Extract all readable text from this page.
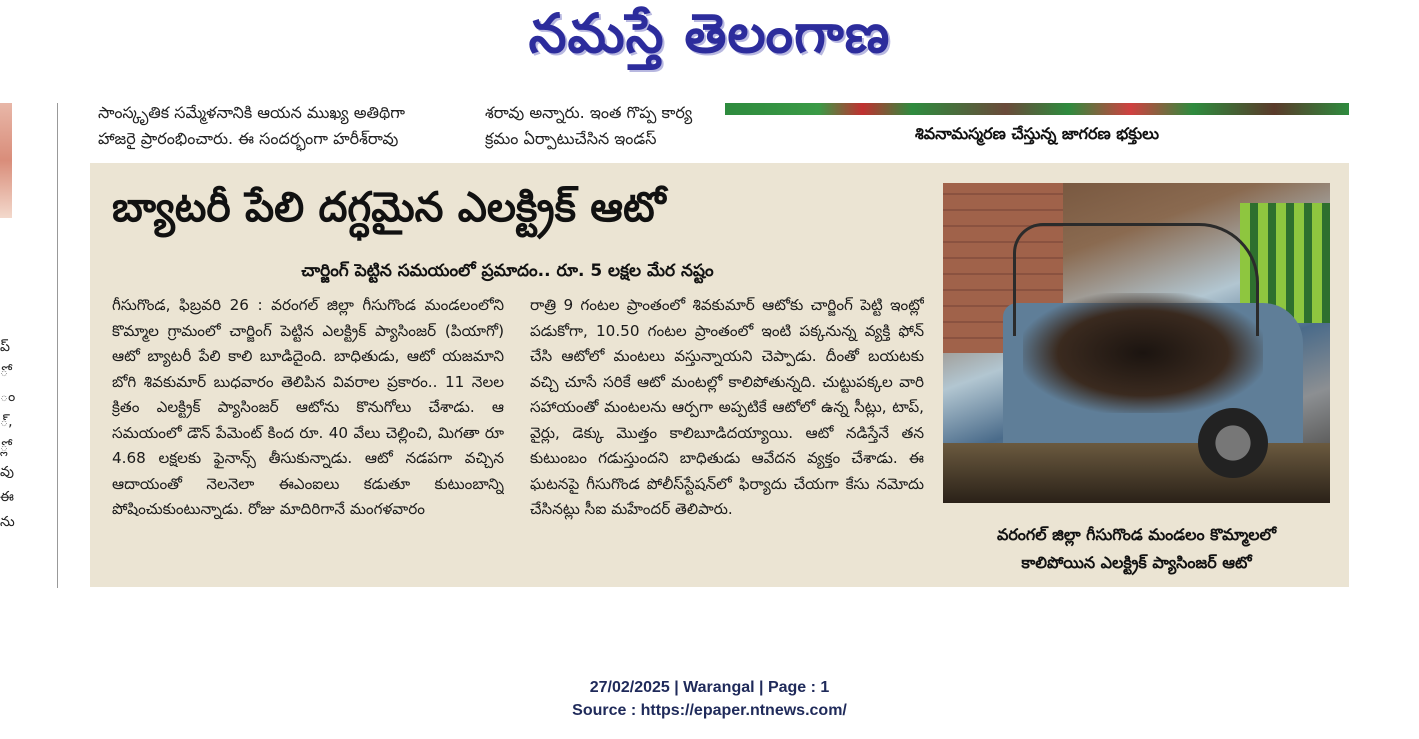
నమస్తే తెలంగాణ
ప్
ో
ం
్,
్లో
వు
ఈ
ను
సాంస్కృతిక సమ్మేళనానికి ఆయన ముఖ్య అతిథిగా
హాజరై ప్రారంభించారు. ఈ సందర్భంగా హరీశ్‌రావు
శరావు అన్నారు. ఇంత గొప్ప కార్య
క్రమం ఏర్పాటుచేసిన ఇండస్	శివనామస్మరణ చేస్తున్న జాగరణ భక్తులు
బ్యాటరీ పేలి దగ్ధమైన ఎలక్ట్రిక్ ఆటో
చార్జింగ్ పెట్టిన సమయంలో ప్రమాదం.. రూ. 5 లక్షల మేర నష్టం

గీసుగొండ, ఫిబ్రవరి 26 : వరంగల్ జిల్లా గీసుగొండ మండలంలోని కొమ్మాల గ్రామంలో చార్జింగ్ పెట్టిన ఎలక్ట్రిక్ ప్యాసింజర్ (పియాగో) ఆటో బ్యాటరీ పేలి కాలి బూడిదైంది. బాధితుడు, ఆటో యజమాని బోగి శివకుమార్ బుధవారం తెలిపిన వివరాల ప్రకారం.. 11 నెలల క్రితం ఎలక్ట్రిక్ ప్యాసింజర్ ఆటోను కొనుగోలు చేశాడు. ఆ సమయంలో డౌన్ పేమెంట్ కింద రూ. 40 వేలు చెల్లించి, మిగతా రూ 4.68 లక్షలకు ఫైనాన్స్ తీసుకున్నాడు. ఆటో నడపగా వచ్చిన ఆదాయంతో నెలనెలా ఈఎంఐలు కడుతూ కుటుంబాన్ని పోషించుకుంటున్నాడు. రోజు మాదిరిగానే మంగళవారం

రాత్రి 9 గంటల ప్రాంతంలో శివకుమార్ ఆటోకు చార్జింగ్ పెట్టి ఇంట్లో పడుకోగా, 10.50 గంటల ప్రాంతంలో ఇంటి పక్కనున్న వ్యక్తి ఫోన్ చేసి ఆటోలో మంటలు వస్తున్నాయని చెప్పాడు. దీంతో బయటకు వచ్చి చూసే సరికే ఆటో మంటల్లో కాలిపోతున్నది. చుట్టుపక్కల వారి సహాయంతో మంటలను ఆర్పగా అప్పటికే ఆటోలో ఉన్న సీట్లు, టాప్, వైర్లు, డెక్కు మొత్తం కాలిబూడిదయ్యాయి. ఆటో నడిస్తేనే తన కుటుంబం గడుస్తుందని బాధితుడు ఆవేదన వ్యక్తం చేశాడు. ఈ ఘటనపై గీసుగొండ పోలీస్‌స్టేషన్‌లో ఫిర్యాదు చేయగా కేసు నమోదు చేసినట్లు సీఐ మహేందర్ తెలిపారు.

వరంగల్ జిల్లా గీసుగొండ మండలం కొమ్మాలలో
కాలిపోయిన ఎలక్ట్రిక్ ప్యాసింజర్ ఆటో
27/02/2025 | Warangal | Page : 1
Source : https://epaper.ntnews.com/
